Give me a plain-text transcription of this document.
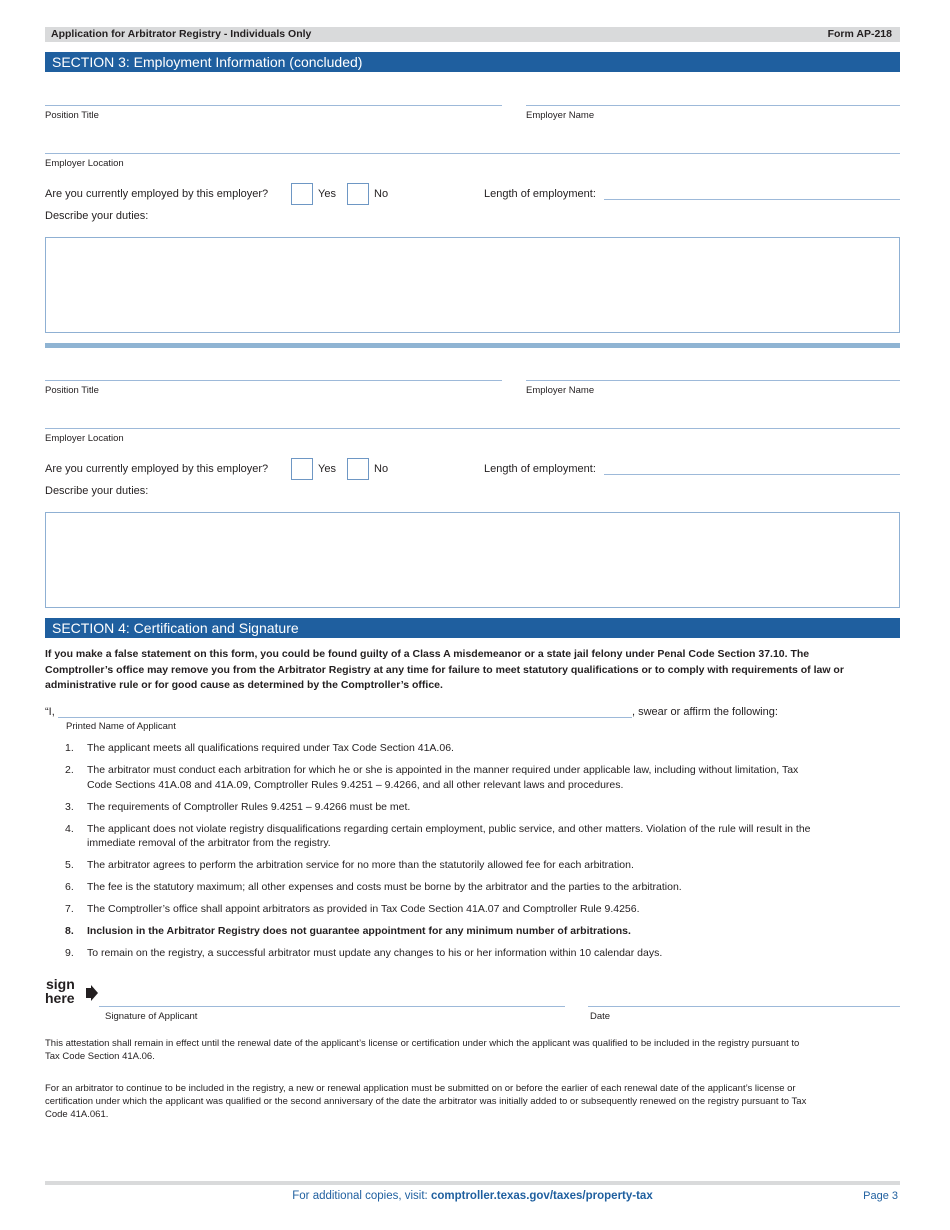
Application for Arbitrator Registry - Individuals Only	Form AP-218
SECTION 3: Employment Information (concluded)
Position Title	Employer Name
Employer Location
Are you currently employed by this employer?	Yes	No	Length of employment:
Describe your duties:
Position Title	Employer Name
Employer Location
Are you currently employed by this employer?	Yes	No	Length of employment:
Describe your duties:
SECTION 4: Certification and Signature
If you make a false statement on this form, you could be found guilty of a Class A misdemeanor or a state jail felony under Penal Code Section 37.10. The Comptroller’s office may remove you from the Arbitrator Registry at any time for failure to meet statutory qualifications or to comply with requirements of law or administrative rule or for good cause as determined by the Comptroller’s office.
“I,	, swear or affirm the following:
Printed Name of Applicant
1. The applicant meets all qualifications required under Tax Code Section 41A.06.
2. The arbitrator must conduct each arbitration for which he or she is appointed in the manner required under applicable law, including without limitation, Tax Code Sections 41A.08 and 41A.09, Comptroller Rules 9.4251 – 9.4266, and all other relevant laws and procedures.
3. The requirements of Comptroller Rules 9.4251 – 9.4266 must be met.
4. The applicant does not violate registry disqualifications regarding certain employment, public service, and other matters. Violation of the rule will result in the immediate removal of the arbitrator from the registry.
5. The arbitrator agrees to perform the arbitration service for no more than the statutorily allowed fee for each arbitration.
6. The fee is the statutory maximum; all other expenses and costs must be borne by the arbitrator and the parties to the arbitration.
7. The Comptroller’s office shall appoint arbitrators as provided in Tax Code Section 41A.07 and Comptroller Rule 9.4256.
8. Inclusion in the Arbitrator Registry does not guarantee appointment for any minimum number of arbitrations.
9. To remain on the registry, a successful arbitrator must update any changes to his or her information within 10 calendar days.
sign
here
Signature of Applicant	Date
This attestation shall remain in effect until the renewal date of the applicant’s license or certification under which the applicant was qualified to be included in the registry pursuant to Tax Code Section 41A.06.
For an arbitrator to continue to be included in the registry, a new or renewal application must be submitted on or before the earlier of each renewal date of the applicant’s license or certification under which the applicant was qualified or the second anniversary of the date the arbitrator was initially added to or subsequently renewed on the registry pursuant to Tax Code 41A.061.
For additional copies, visit: comptroller.texas.gov/taxes/property-tax	Page 3
